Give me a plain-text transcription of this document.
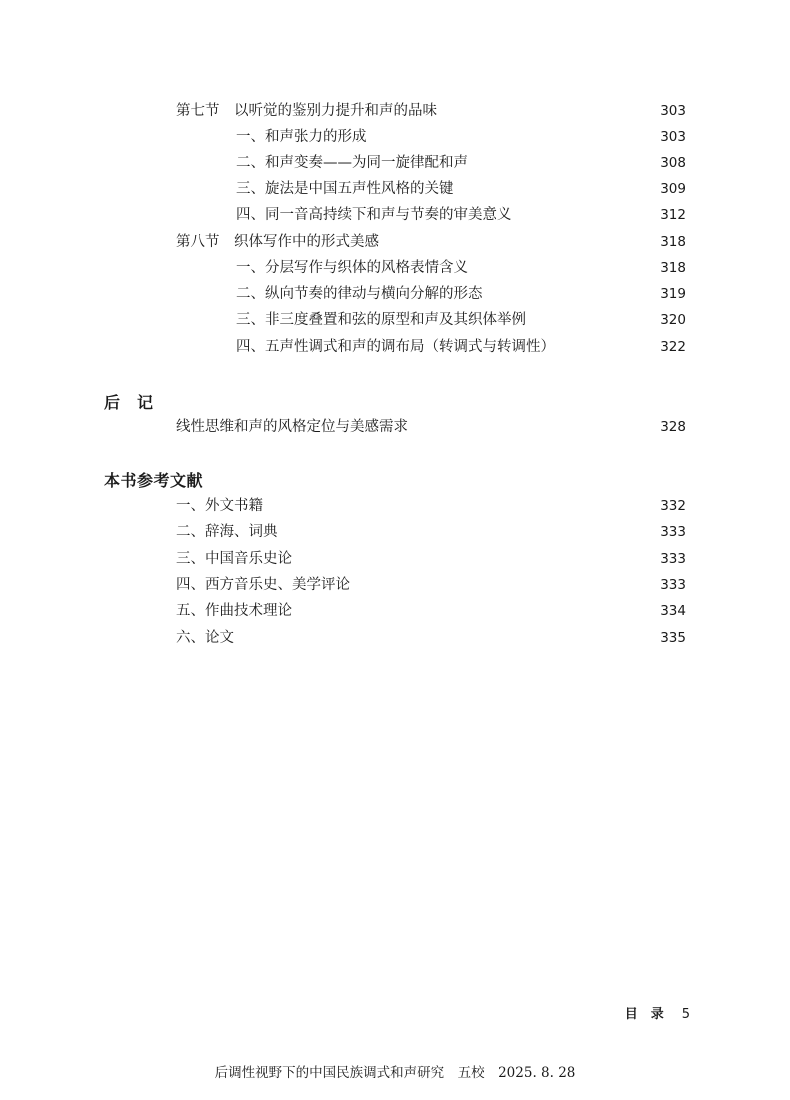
第七节 以听觉的鉴别力提升和声的品味	303
一、和声张力的形成	303
二、和声变奏——为同一旋律配和声	308
三、旋法是中国五声性风格的关键	309
四、同一音高持续下和声与节奏的审美意义	312
第八节 织体写作中的形式美感	318
一、分层写作与织体的风格表情含义	318
二、纵向节奏的律动与横向分解的形态	319
三、非三度叠置和弦的原型和声及其织体举例	320
四、五声性调式和声的调布局（转调式与转调性）	322
后　记
线性思维和声的风格定位与美感需求	328
本书参考文献
一、外文书籍	332
二、辞海、词典	333
三、中国音乐史论	333
四、西方音乐史、美学评论	333
五、作曲技术理论	334
六、论文	335
目　录 5
后调性视野下的中国民族调式和声研究　五校　2025. 8. 28
